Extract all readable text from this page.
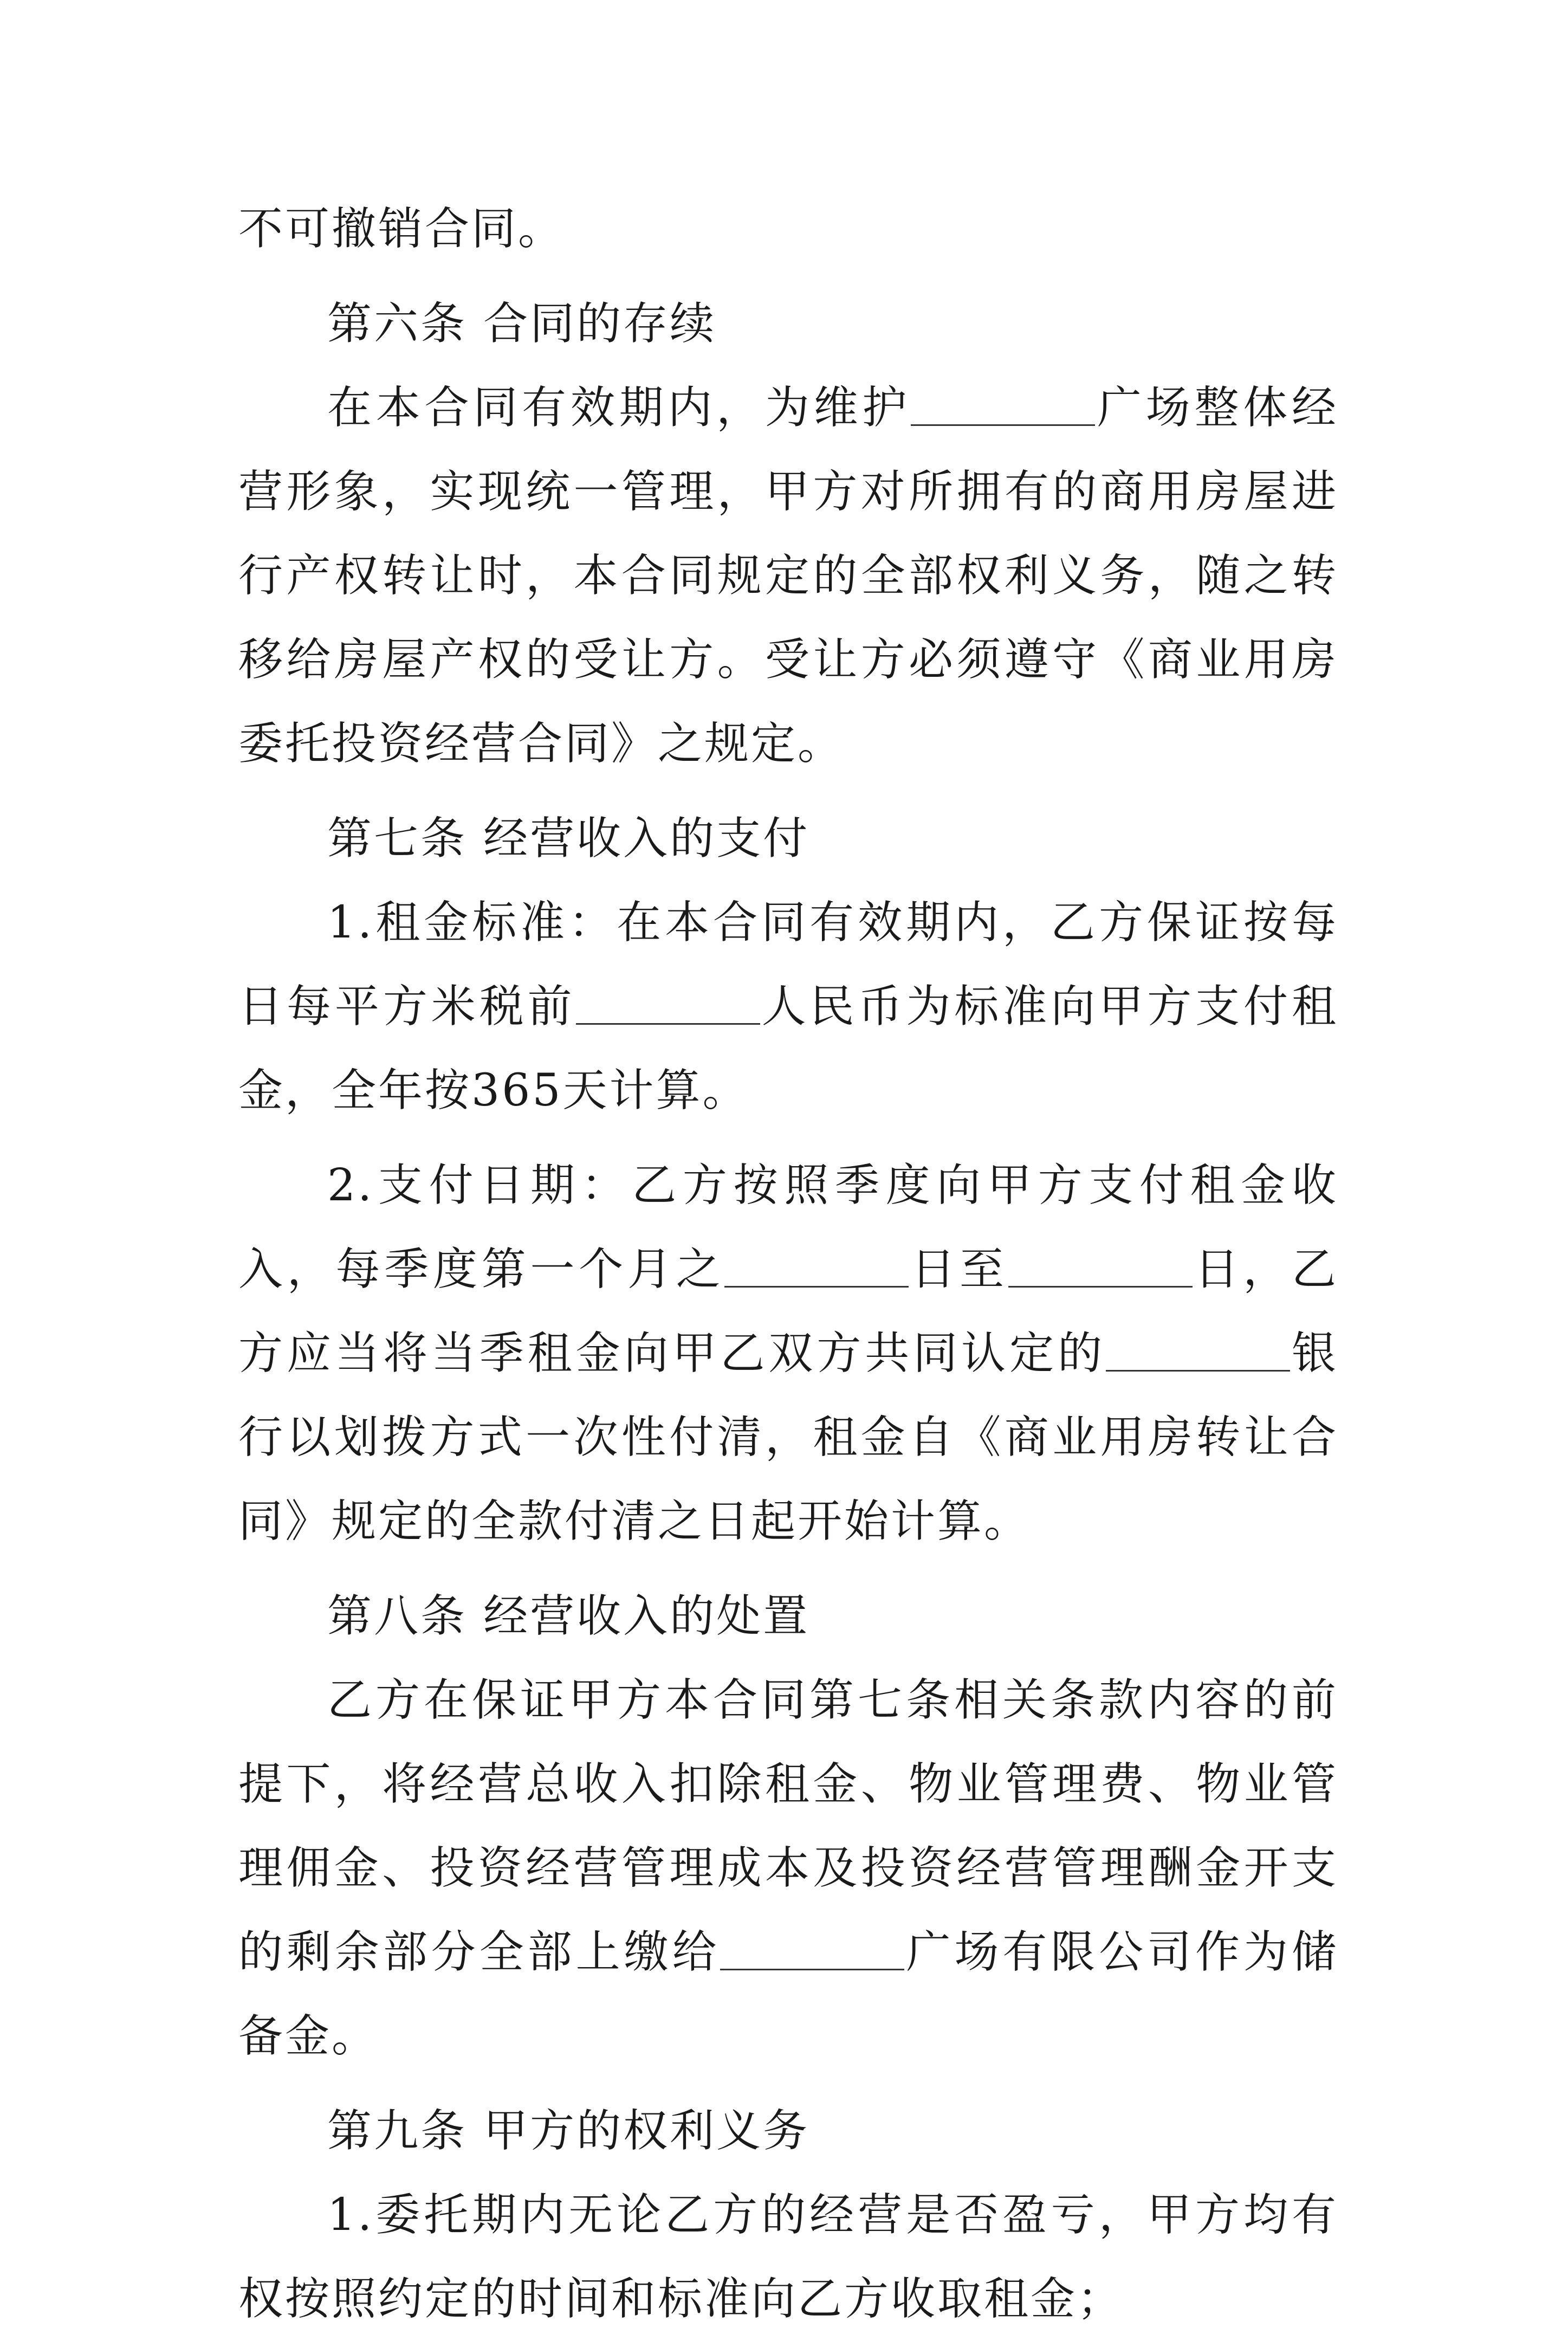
不可撤销合同。

第六条 合同的存续

在本合同有效期内，为维护	广场整体经营形象，实现统一管理，甲方对所拥有的商用房屋进行产权转让时，本合同规定的全部权利义务，随之转移给房屋产权的受让方。受让方必须遵守《商业用房委托投资经营合同》之规定。

第七条 经营收入的支付

1.租金标准：在本合同有效期内，乙方保证按每日每平方米税前	人民币为标准向甲方支付租金，全年按365天计算。

2.支付日期：乙方按照季度向甲方支付租金收入，每季度第一个月之	日至	日，乙方应当将当季租金向甲乙双方共同认定的	银行以划拨方式一次性付清，租金自《商业用房转让合同》规定的全款付清之日起开始计算。

第八条 经营收入的处置

乙方在保证甲方本合同第七条相关条款内容的前提下，将经营总收入扣除租金、物业管理费、物业管理佣金、投资经营管理成本及投资经营管理酬金开支的剩余部分全部上缴给	广场有限公司作为储备金。

第九条 甲方的权利义务

1.委托期内无论乙方的经营是否盈亏，甲方均有权按照约定的时间和标准向乙方收取租金；
